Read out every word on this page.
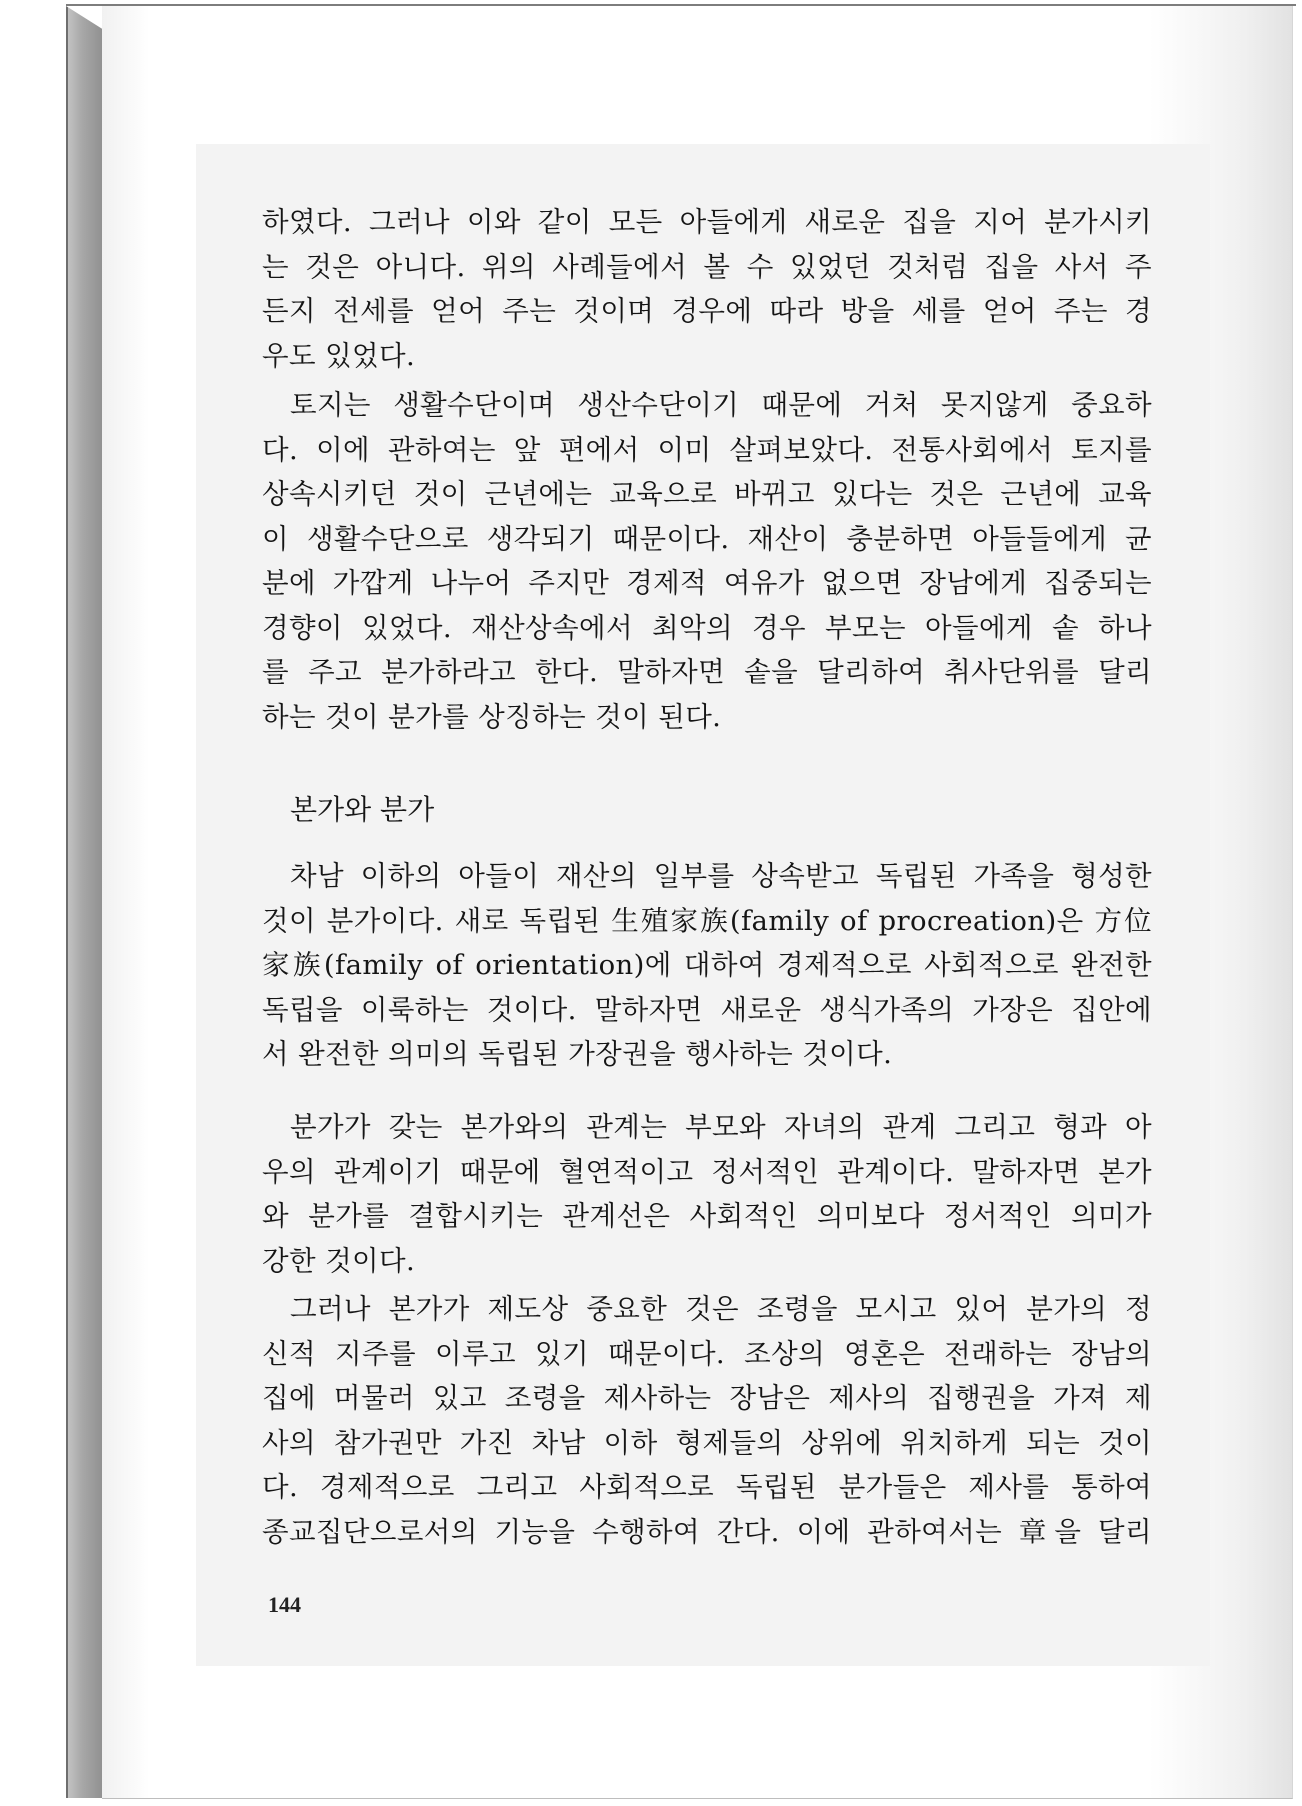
하였다. 그러나 이와 같이 모든 아들에게 새로운 집을 지어 분가시키
는 것은 아니다. 위의 사례들에서 볼 수 있었던 것처럼 집을 사서 주
든지 전세를 얻어 주는 것이며 경우에 따라 방을 세를 얻어 주는 경
우도 있었다.
토지는 생활수단이며 생산수단이기 때문에 거처 못지않게 중요하
다. 이에 관하여는 앞 편에서 이미 살펴보았다. 전통사회에서 토지를
상속시키던 것이 근년에는 교육으로 바뀌고 있다는 것은 근년에 교육
이 생활수단으로 생각되기 때문이다. 재산이 충분하면 아들들에게 균
분에 가깝게 나누어 주지만 경제적 여유가 없으면 장남에게 집중되는
경향이 있었다. 재산상속에서 최악의 경우 부모는 아들에게 솥 하나
를 주고 분가하라고 한다. 말하자면 솥을 달리하여 취사단위를 달리
하는 것이 분가를 상징하는 것이 된다.
본가와 분가
차남 이하의 아들이 재산의 일부를 상속받고 독립된 가족을 형성한
것이 분가이다. 새로 독립된 生殖家族(family of procreation)은 方位
家族(family of orientation)에 대하여 경제적으로 사회적으로 완전한
독립을 이룩하는 것이다. 말하자면 새로운 생식가족의 가장은 집안에
서 완전한 의미의 독립된 가장권을 행사하는 것이다.
분가가 갖는 본가와의 관계는 부모와 자녀의 관계 그리고 형과 아
우의 관계이기 때문에 혈연적이고 정서적인 관계이다. 말하자면 본가
와 분가를 결합시키는 관계선은 사회적인 의미보다 정서적인 의미가
강한 것이다.
그러나 본가가 제도상 중요한 것은 조령을 모시고 있어 분가의 정
신적 지주를 이루고 있기 때문이다. 조상의 영혼은 전래하는 장남의
집에 머물러 있고 조령을 제사하는 장남은 제사의 집행권을 가져 제
사의 참가권만 가진 차남 이하 형제들의 상위에 위치하게 되는 것이
다. 경제적으로 그리고 사회적으로 독립된 분가들은 제사를 통하여
종교집단으로서의 기능을 수행하여 간다. 이에 관하여서는 章을 달리
144
